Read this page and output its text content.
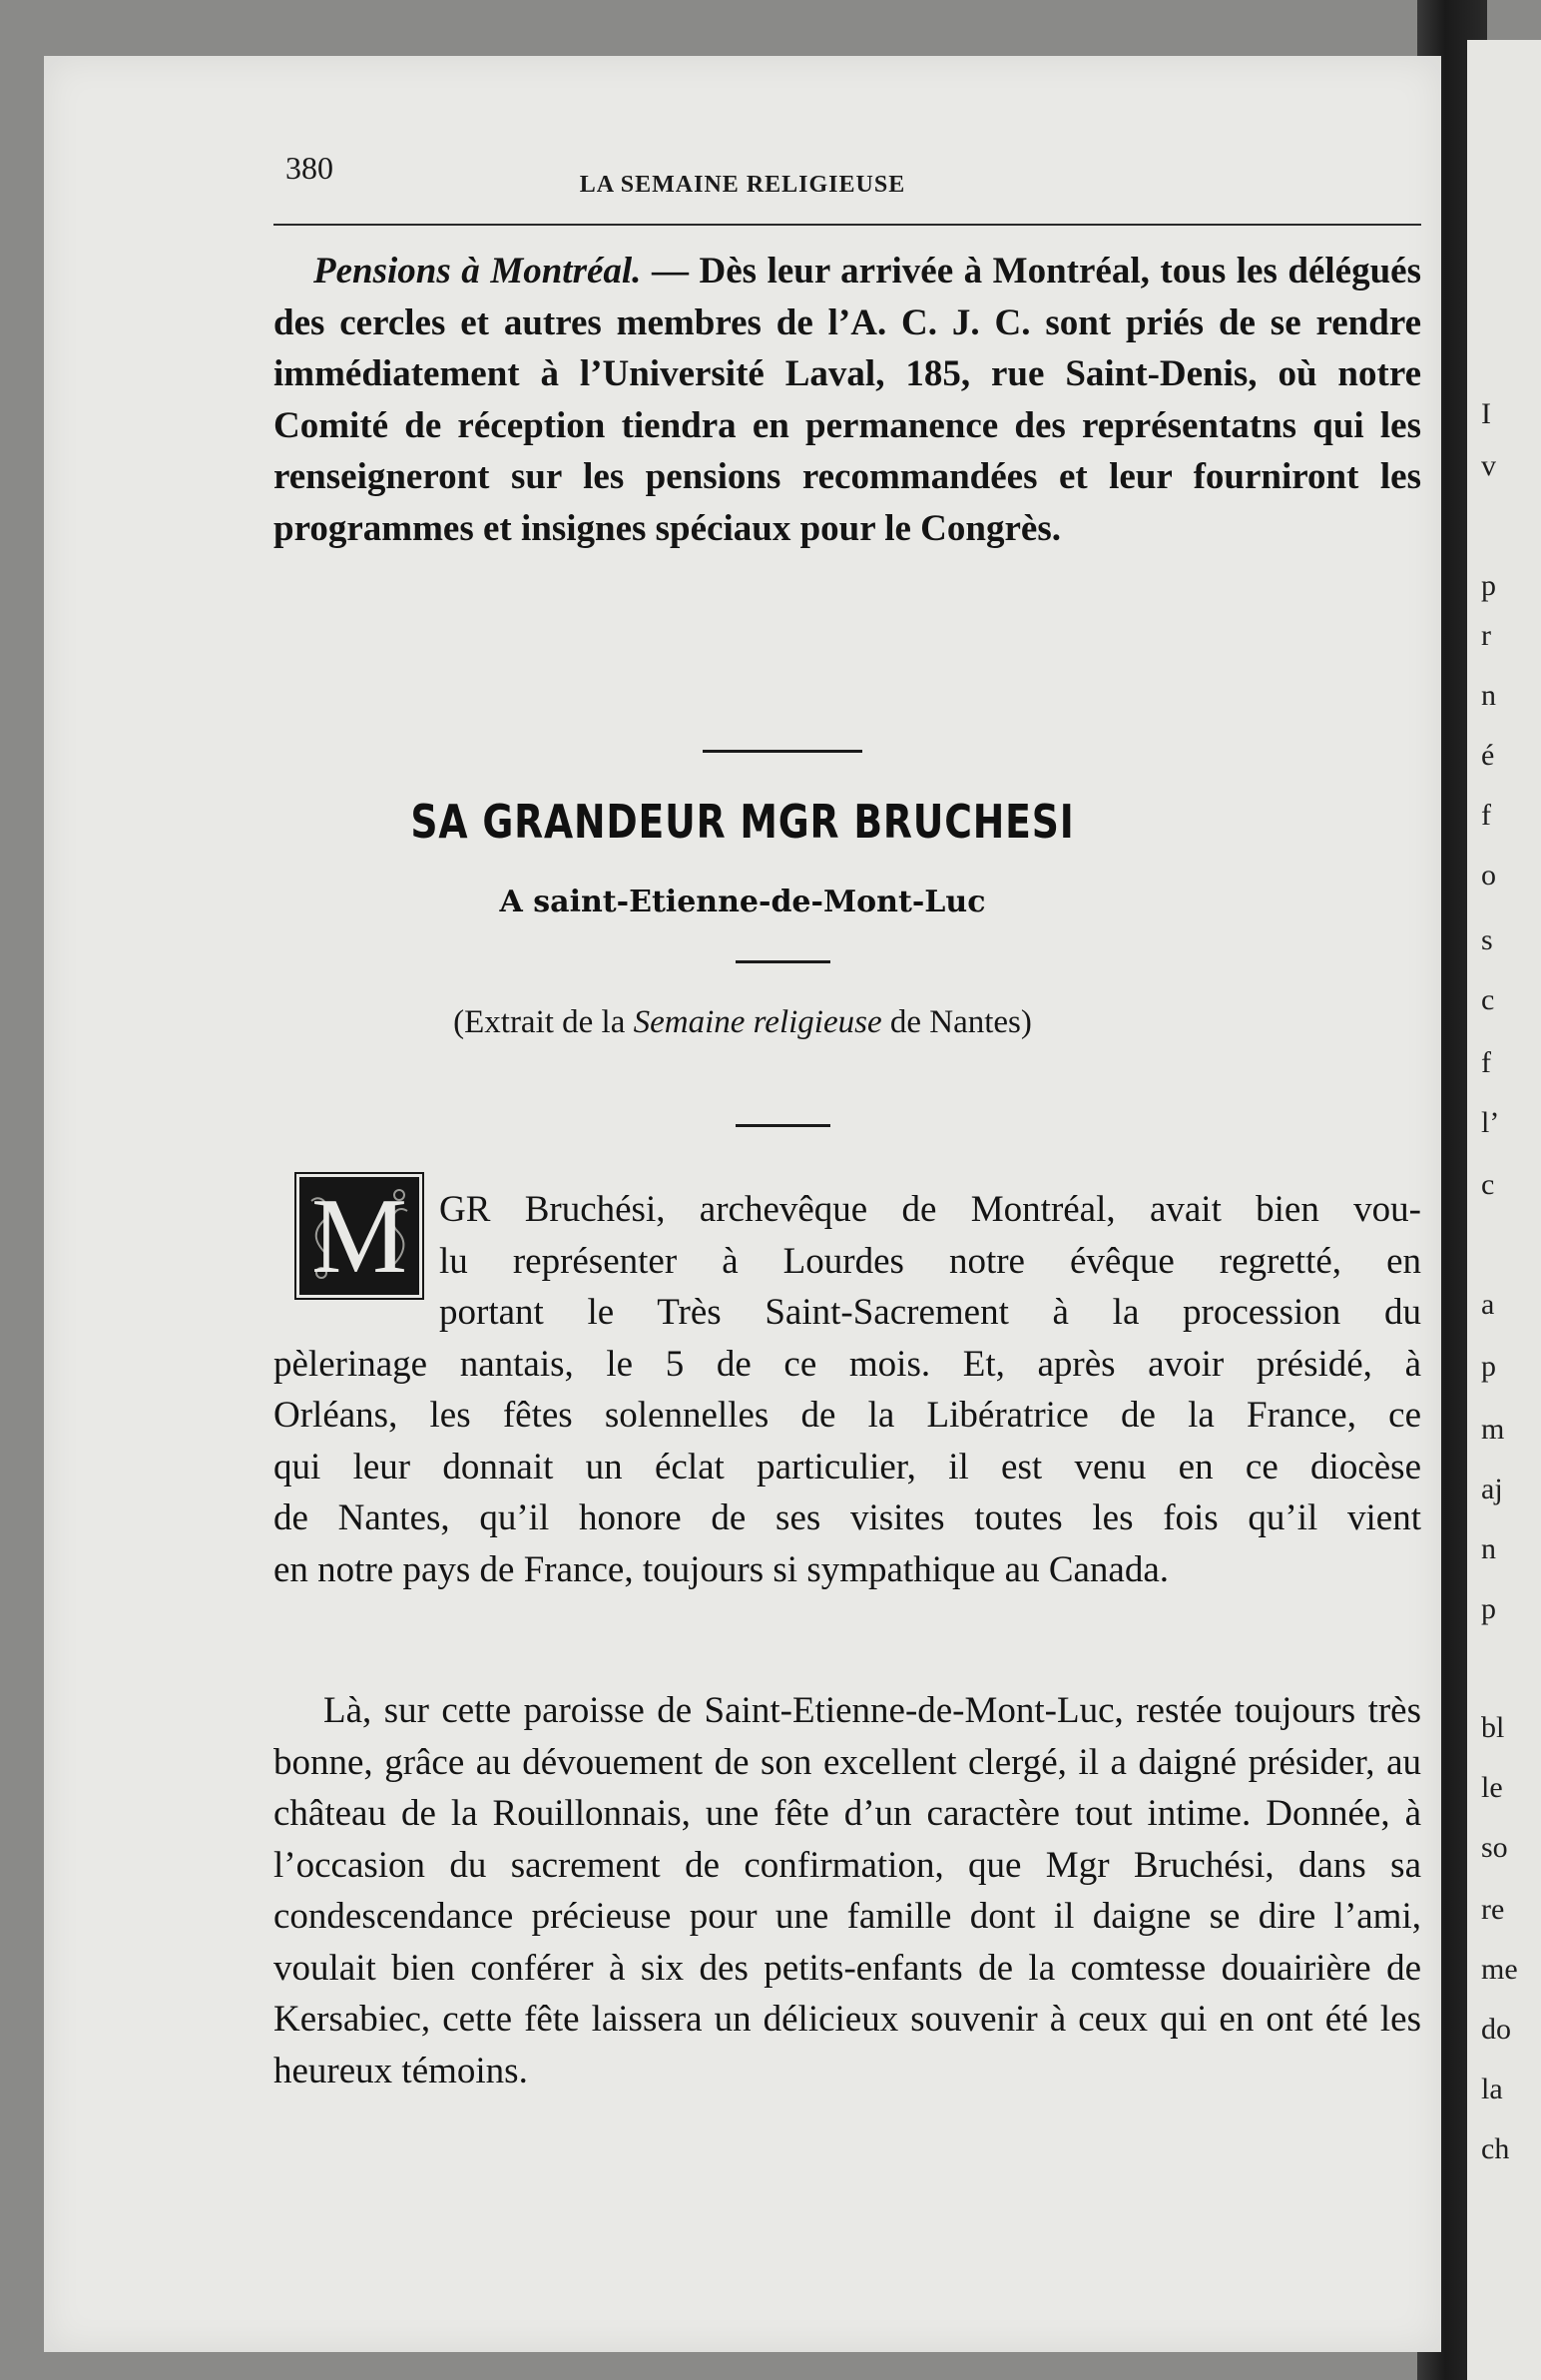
I
v
p
r
n
é
f
o
s
c
f
l’
c
a
p
m
aj
n
p
bl
le
so
re
me
do
la
ch
380	LA SEMAINE RELIGIEUSE

Pensions à Montréal. — Dès leur arrivée à Montréal, tous les délégués des cercles et autres membres de l’A. C. J. C. sont priés de se rendre immédiatement à l’Université Laval, 185, rue Saint-Denis, où notre Comité de réception tiendra en permanence des représentatns qui les renseigneront sur les pensions recommandées et leur fourniront les programmes et insignes spéciaux pour le Congrès.

SA GRANDEUR MGR BRUCHESI
A saint-Etienne-de-Mont-Luc
(Extrait de la Semaine religieuse de Nantes)
M GR Bruchési, archevêque de Montréal, avait bien vou-
lu représenter à Lourdes notre évêque regretté, en
portant le Très Saint-Sacrement à la procession du
pèlerinage nantais, le 5 de ce mois. Et, après avoir présidé, à
Orléans, les fêtes solennelles de la Libératrice de la France, ce
qui leur donnait un éclat particulier, il est venu en ce diocèse
de Nantes, qu’il honore de ses visites toutes les fois qu’il vient
en notre pays de France, toujours si sympathique au Canada.

Là, sur cette paroisse de Saint-Etienne-de-Mont-Luc, restée toujours très bonne, grâce au dévouement de son excellent clergé, il a daigné présider, au château de la Rouillonnais, une fête d’un caractère tout intime. Donnée, à l’occasion du sacrement de confirmation, que Mgr Bruchési, dans sa condescendance précieuse pour une famille dont il daigne se dire l’ami, voulait bien conférer à six des petits-enfants de la comtesse douairière de Kersabiec, cette fête laissera un délicieux souvenir à ceux qui en ont été les heureux témoins.
